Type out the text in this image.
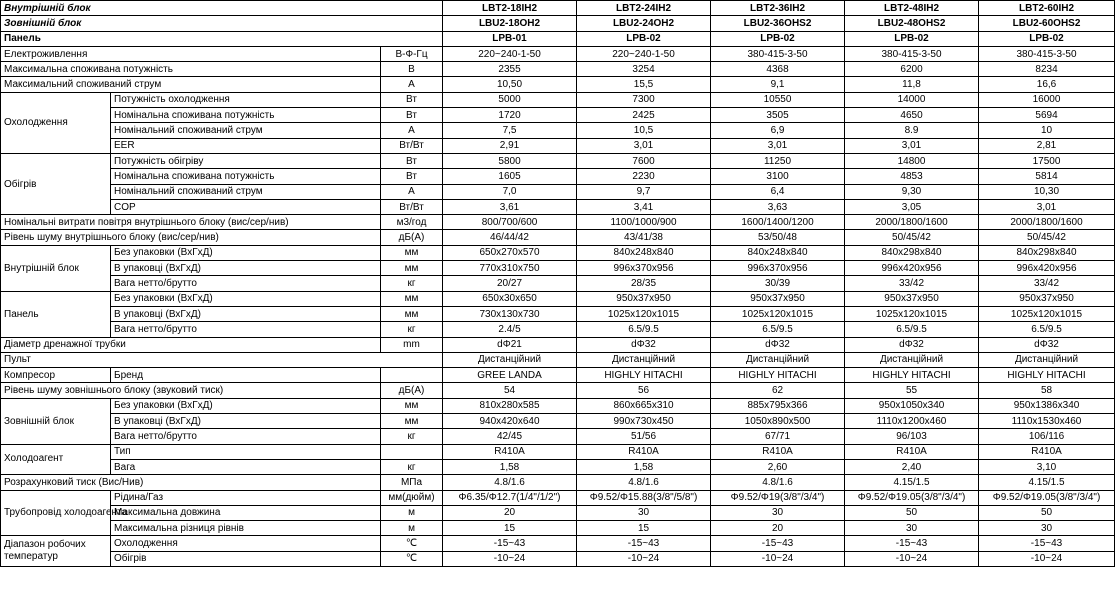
Внутрішній блок			LBT2-18IH2	LBT2-24IH2	LBT2-36IH2	LBT2-48IH2	LBT2-60IH2
Зовнішній блок			LBU2-18OH2	LBU2-24OH2	LBU2-36OHS2	LBU2-48OHS2	LBU2-60OHS2
Панель			LPB-01	LPB-02	LPB-02	LPB-02	LPB-02
Електроживлення		В-Ф-Гц	220~240-1-50	220~240-1-50	380-415-3-50	380-415-3-50	380-415-3-50
Максимальна споживана потужність		В	2355	3254	4368	6200	8234
Максимальний споживаний струм		А	10,50	15,5	9,1	11,8	16,6
Охолодження	Потужність охолодження	Вт	5000	7300	10550	14000	16000
	Номінальна споживана потужність	Вт	1720	2425	3505	4650	5694
	Номінальний споживаний струм	А	7,5	10,5	6,9	8.9	10
	EER	Вт/Вт	2,91	3,01	3,01	3,01	2,81
Обігрів	Потужність обігріву	Вт	5800	7600	11250	14800	17500
	Номінальна споживана потужність	Вт	1605	2230	3100	4853	5814
	Номінальний споживаний струм	А	7,0	9,7	6,4	9,30	10,30
	COP	Вт/Вт	3,61	3,41	3,63	3,05	3,01
Номінальні витрати повітря внутрішнього блоку (вис/сер/нив)		м3/год	800/700/600	1100/1000/900	1600/1400/1200	2000/1800/1600	2000/1800/1600
Рівень шуму внутрішнього блоку (вис/сер/нив)		дБ(А)	46/44/42	43/41/38	53/50/48	50/45/42	50/45/42
Внутрішній блок	Без упаковки (ВхГхД)	мм	650x270x570	840x248x840	840x248x840	840x298x840	840x298x840
	В упаковці (ВхГхД)	мм	770x310x750	996x370x956	996x370x956	996x420x956	996x420x956
	Вага нетто/брутто	кг	20/27	28/35	30/39	33/42	33/42
Панель	Без упаковки (ВхГхД)	мм	650x30x650	950x37x950	950x37x950	950x37x950	950x37x950
	В упаковці (ВхГхД)	мм	730x130x730	1025x120x1015	1025x120x1015	1025x120x1015	1025x120x1015
	Вага нетто/брутто	кг	2.4/5	6.5/9.5	6.5/9.5	6.5/9.5	6.5/9.5
Діаметр дренажної трубки		mm	dΦ21	dΦ32	dΦ32	dΦ32	dΦ32
Пульт			Дистанційний	Дистанційний	Дистанційний	Дистанційний	Дистанційний
Компресор	Бренд		GREE LANDA	HIGHLY HITACHI	HIGHLY HITACHI	HIGHLY HITACHI	HIGHLY HITACHI
Рівень шуму зовнішнього блоку (звуковий тиск)		дБ(А)	54	56	62	55	58
Зовнішній блок	Без упаковки (ВхГхД)	мм	810x280x585	860x665x310	885x795x366	950x1050x340	950x1386x340
	В упаковці (ВхГхД)	мм	940x420x640	990x730x450	1050x890x500	1110x1200x460	1110x1530x460
	Вага нетто/брутто	кг	42/45	51/56	67/71	96/103	106/116
Холодоагент	Тип		R410A	R410A	R410A	R410A	R410A
	Вага	кг	1,58	1,58	2,60	2,40	3,10
Розрахунковий тиск (Вис/Нив)		МПа	4.8/1.6	4.8/1.6	4.8/1.6	4.15/1.5	4.15/1.5
Трубопровід холодоагента	Рідина/Газ	мм(дюйм)	Φ6.35/Φ12.7(1/4"/1/2")	Φ9.52/Φ15.88(3/8"/5/8")	Φ9.52/Φ19(3/8"/3/4")	Φ9.52/Φ19.05(3/8"/3/4")	Φ9.52/Φ19.05(3/8"/3/4")
	Максимальна довжина	м	20	30	30	50	50
	Максимальна різниця рівнів	м	15	15	20	30	30
Діапазон робочих температур	Охолодження	℃	-15~43	-15~43	-15~43	-15~43	-15~43
	Обігрів	℃	-10~24	-10~24	-10~24	-10~24	-10~24
